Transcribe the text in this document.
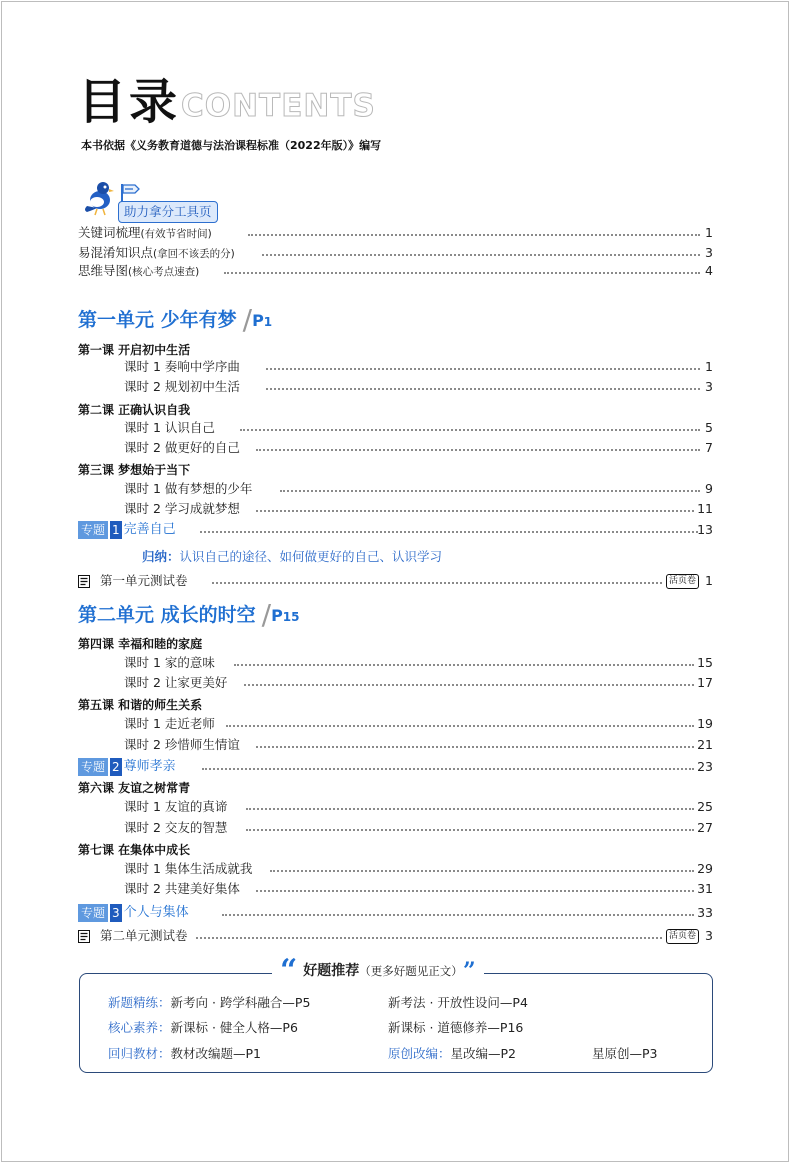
目录 CONTENTS
本书依据《义务教育道德与法治课程标准（2022年版）》编写
助力拿分工具页
关键词梳理(有效节省时间)	1
易混淆知识点(拿回不该丢的分)	3
思维导图(核心考点速查)	4
第一单元 少年有梦 /P1
第一课 开启初中生活
课时 1 奏响中学序曲	1
课时 2 规划初中生活	3
第二课 正确认识自我
课时 1 认识自己	5
课时 2 做更好的自己	7
第三课 梦想始于当下
课时 1 做有梦想的少年	9
课时 2 学习成就梦想	11
专题 1 完善自己	13
归纳：认识自己的途径、如何做更好的自己、认识学习
第一单元测试卷	活页卷 1
第二单元 成长的时空 /P15
第四课 幸福和睦的家庭
课时 1 家的意味	15
课时 2 让家更美好	17
第五课 和谐的师生关系
课时 1 走近老师	19
课时 2 珍惜师生情谊	21
专题 2 尊师孝亲	23
第六课 友谊之树常青
课时 1 友谊的真谛	25
课时 2 交友的智慧	27
第七课 在集体中成长
课时 1 集体生活成就我	29
课时 2 共建美好集体	31
专题 3 个人与集体	33
第二单元测试卷	活页卷 3
“ 好题推荐（更多好题见正文） ”
新题精练：新考向 · 跨学科融合—P5	新考法 · 开放性设问—P4
核心素养：新课标 · 健全人格—P6	新课标 · 道德修养—P16
回归教材：教材改编题—P1	原创改编：星改编—P2	星原创—P3
